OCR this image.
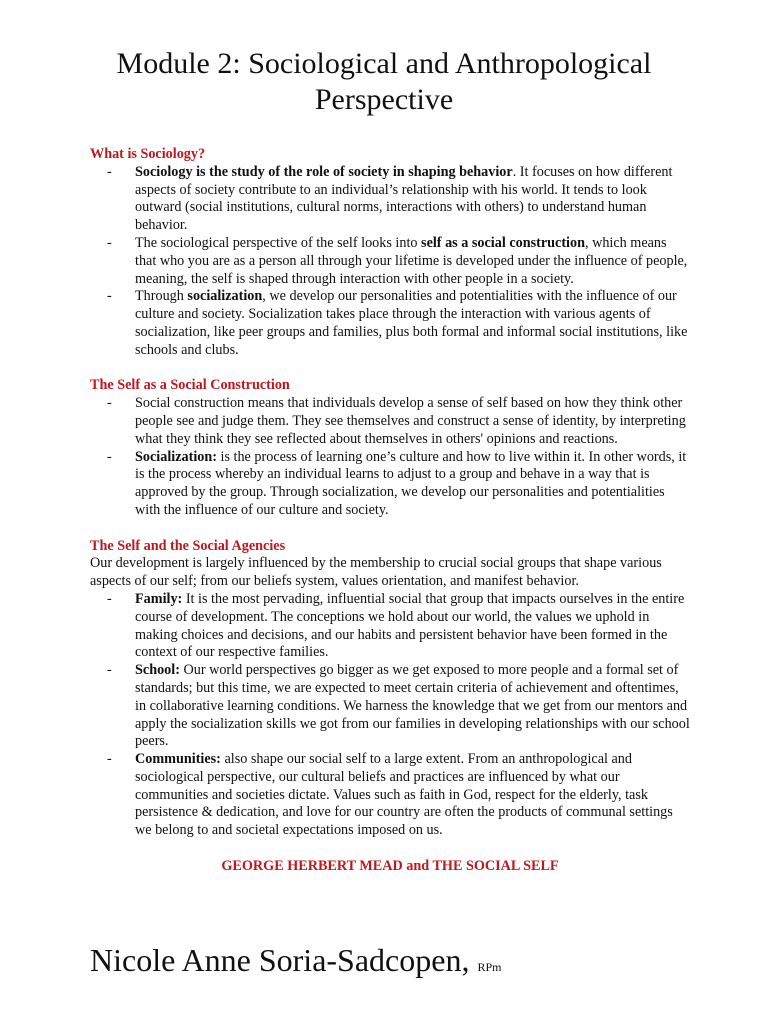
Module 2: Sociological and Anthropological
Perspective

What is Sociology?

- Sociology is the study of the role of society in shaping behavior. It focuses on how different aspects of society contribute to an individual’s relationship with his world. It tends to look outward (social institutions, cultural norms, interactions with others) to understand human behavior.
- The sociological perspective of the self looks into self as a social construction, which means that who you are as a person all through your lifetime is developed under the influence of people, meaning, the self is shaped through interaction with other people in a society.
- Through socialization, we develop our personalities and potentialities with the influence of our culture and society. Socialization takes place through the interaction with various agents of socialization, like peer groups and families, plus both formal and informal social institutions, like schools and clubs.

The Self as a Social Construction

- Social construction means that individuals develop a sense of self based on how they think other people see and judge them. They see themselves and construct a sense of identity, by interpreting what they think they see reflected about themselves in others' opinions and reactions.
- Socialization: is the process of learning one’s culture and how to live within it. In other words, it is the process whereby an individual learns to adjust to a group and behave in a way that is approved by the group. Through socialization, we develop our personalities and potentialities with the influence of our culture and society.

The Self and the Social Agencies

Our development is largely influenced by the membership to crucial social groups that shape various aspects of our self; from our beliefs system, values orientation, and manifest behavior.

- Family: It is the most pervading, influential social that group that impacts ourselves in the entire course of development. The conceptions we hold about our world, the values we uphold in making choices and decisions, and our habits and persistent behavior have been formed in the context of our respective families.
- School: Our world perspectives go bigger as we get exposed to more people and a formal set of standards; but this time, we are expected to meet certain criteria of achievement and oftentimes, in collaborative learning conditions. We harness the knowledge that we get from our mentors and apply the socialization skills we got from our families in developing relationships with our school peers.
- Communities: also shape our social self to a large extent. From an anthropological and sociological perspective, our cultural beliefs and practices are influenced by what our communities and societies dictate. Values such as faith in God, respect for the elderly, task persistence & dedication, and love for our country are often the products of communal settings we belong to and societal expectations imposed on us.

GEORGE HERBERT MEAD and THE SOCIAL SELF

Nicole Anne Soria-Sadcopen, RPm
